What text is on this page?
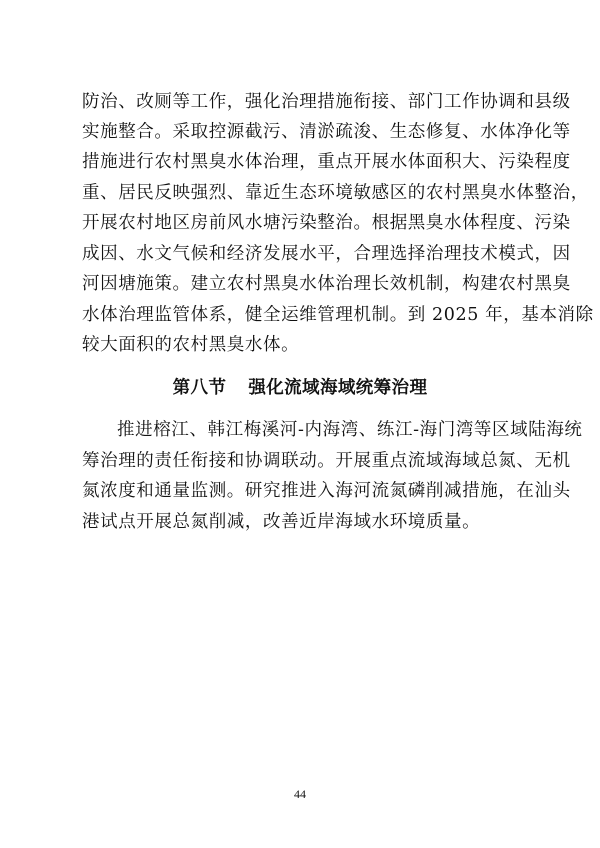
防治、改厕等工作，强化治理措施衔接、部门工作协调和县级
实施整合。采取控源截污、清淤疏浚、生态修复、水体净化等
措施进行农村黑臭水体治理，重点开展水体面积大、污染程度
重、居民反映强烈、靠近生态环境敏感区的农村黑臭水体整治，
开展农村地区房前风水塘污染整治。根据黑臭水体程度、污染
成因、水文气候和经济发展水平，合理选择治理技术模式，因
河因塘施策。建立农村黑臭水体治理长效机制，构建农村黑臭
水体治理监管体系，健全运维管理机制。到 2025 年，基本消除
较大面积的农村黑臭水体。
第八节 强化流域海域统筹治理
推进榕江、韩江梅溪河-内海湾、练江-海门湾等区域陆海统
筹治理的责任衔接和协调联动。开展重点流域海域总氮、无机
氮浓度和通量监测。研究推进入海河流氮磷削减措施，在汕头
港试点开展总氮削减，改善近岸海域水环境质量。
44
